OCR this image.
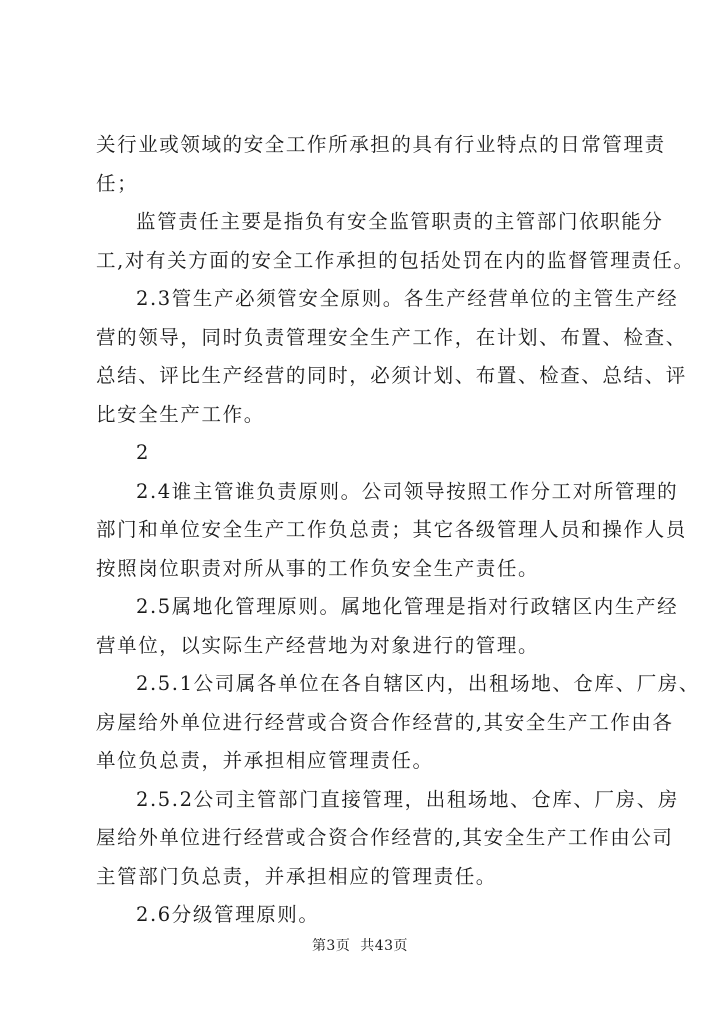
关行业或领域的安全工作所承担的具有行业特点的日常管理责
任；

监管责任主要是指负有安全监管职责的主管部门依职能分
工,对有关方面的安全工作承担的包括处罚在内的监督管理责任。

2.3管生产必须管安全原则。各生产经营单位的主管生产经
营的领导，同时负责管理安全生产工作，在计划、布置、检查、
总结、评比生产经营的同时，必须计划、布置、检查、总结、评
比安全生产工作。

2

2.4谁主管谁负责原则。公司领导按照工作分工对所管理的
部门和单位安全生产工作负总责；其它各级管理人员和操作人员
按照岗位职责对所从事的工作负安全生产责任。

2.5属地化管理原则。属地化管理是指对行政辖区内生产经
营单位，以实际生产经营地为对象进行的管理。

2.5.1公司属各单位在各自辖区内，出租场地、仓库、厂房、
房屋给外单位进行经营或合资合作经营的,其安全生产工作由各
单位负总责，并承担相应管理责任。

2.5.2公司主管部门直接管理，出租场地、仓库、厂房、房
屋给外单位进行经营或合资合作经营的,其安全生产工作由公司
主管部门负总责，并承担相应的管理责任。

2.6分级管理原则。

第3页  共43页
